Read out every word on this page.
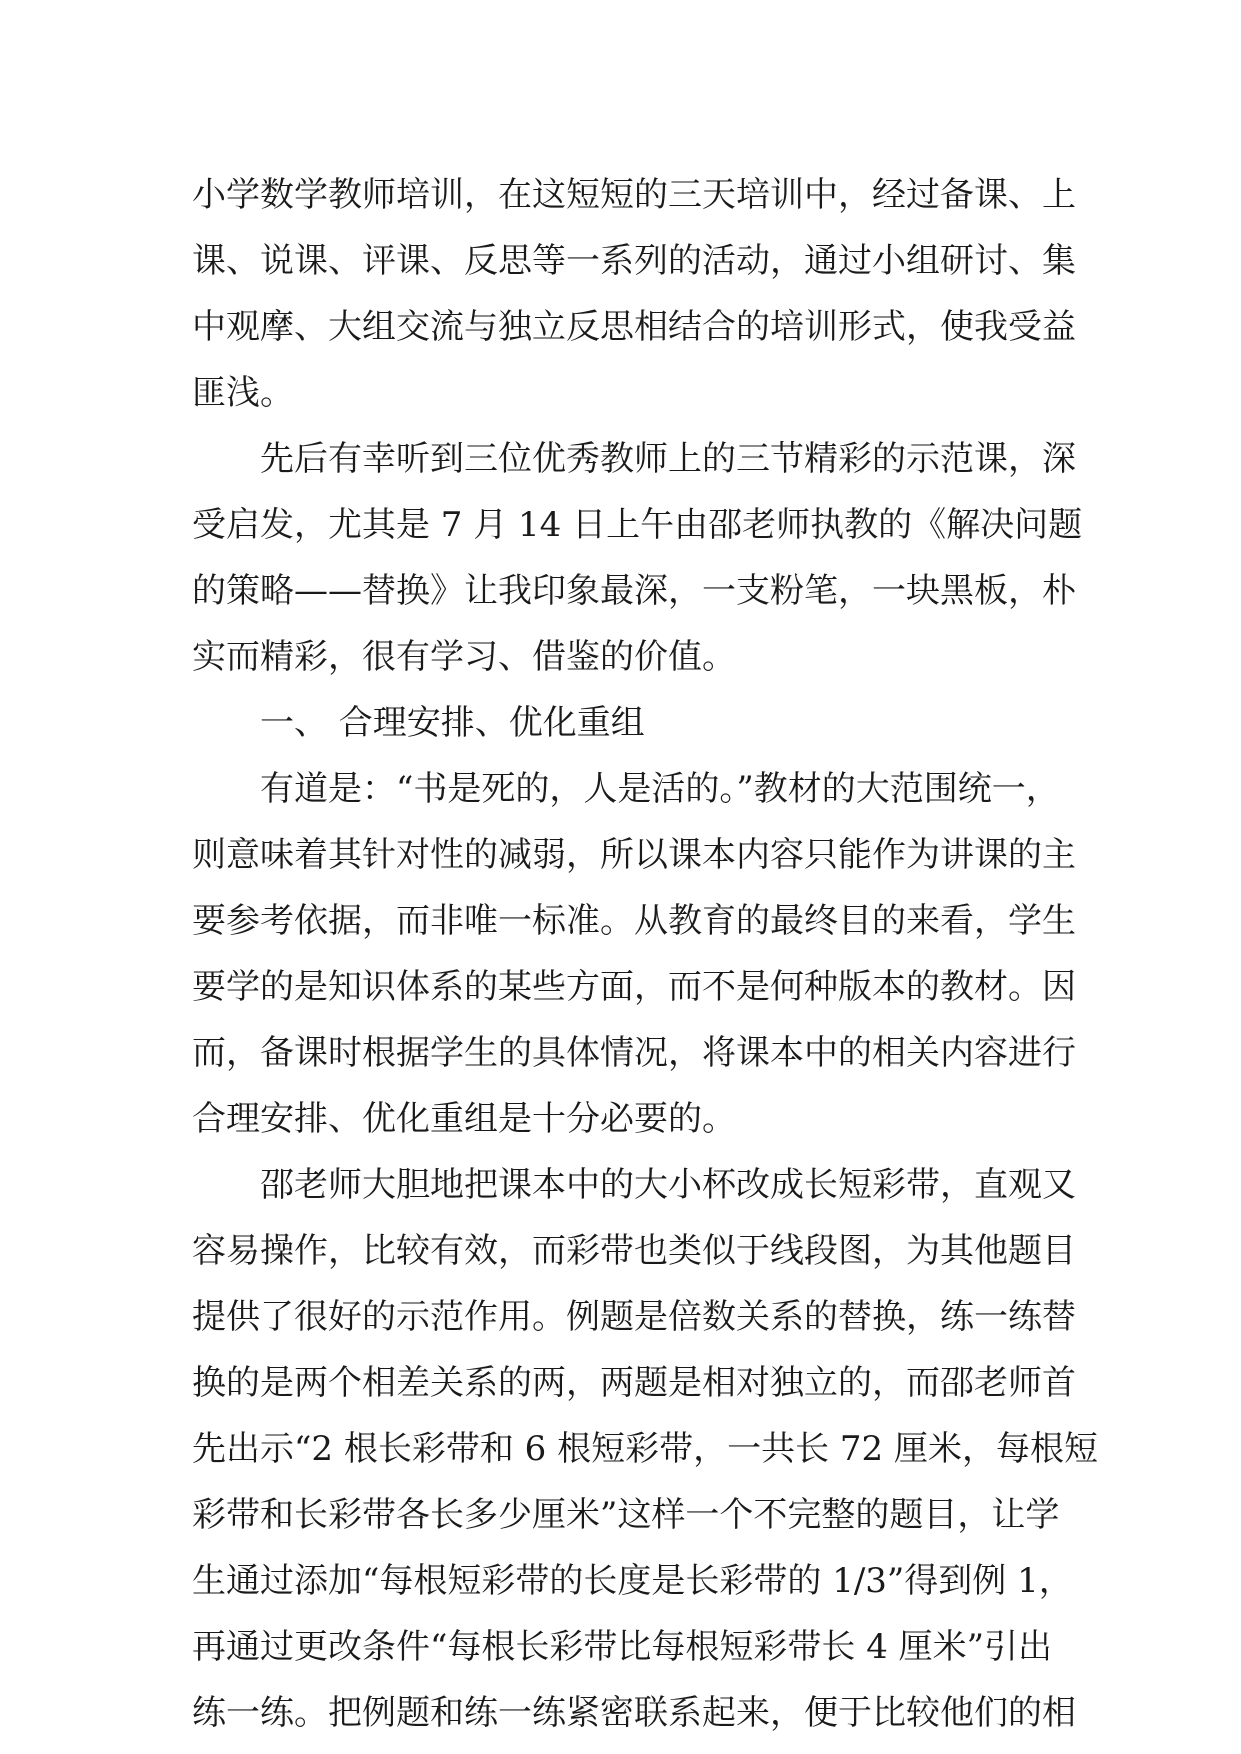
小学数学教师培训，在这短短的三天培训中，经过备课、上
课、说课、评课、反思等一系列的活动，通过小组研讨、集
中观摩、大组交流与独立反思相结合的培训形式，使我受益
匪浅。
先后有幸听到三位优秀教师上的三节精彩的示范课，深
受启发，尤其是 7 月 14 日上午由邵老师执教的《解决问题
的策略——替换》让我印象最深，一支粉笔，一块黑板，朴
实而精彩，很有学习、借鉴的价值。
一、 合理安排、优化重组
有道是：“书是死的，人是活的。”教材的大范围统一，
则意味着其针对性的减弱，所以课本内容只能作为讲课的主
要参考依据，而非唯一标准。从教育的最终目的来看，学生
要学的是知识体系的某些方面，而不是何种版本的教材。因
而，备课时根据学生的具体情况，将课本中的相关内容进行
合理安排、优化重组是十分必要的。
邵老师大胆地把课本中的大小杯改成长短彩带，直观又
容易操作，比较有效，而彩带也类似于线段图，为其他题目
提供了很好的示范作用。例题是倍数关系的替换，练一练替
换的是两个相差关系的两，两题是相对独立的，而邵老师首
先出示“2 根长彩带和 6 根短彩带，一共长 72 厘米，每根短
彩带和长彩带各长多少厘米”这样一个不完整的题目，让学
生通过添加“每根短彩带的长度是长彩带的 1/3”得到例 1，
再通过更改条件“每根长彩带比每根短彩带长 4 厘米”引出
练一练。把例题和练一练紧密联系起来，便于比较他们的相
